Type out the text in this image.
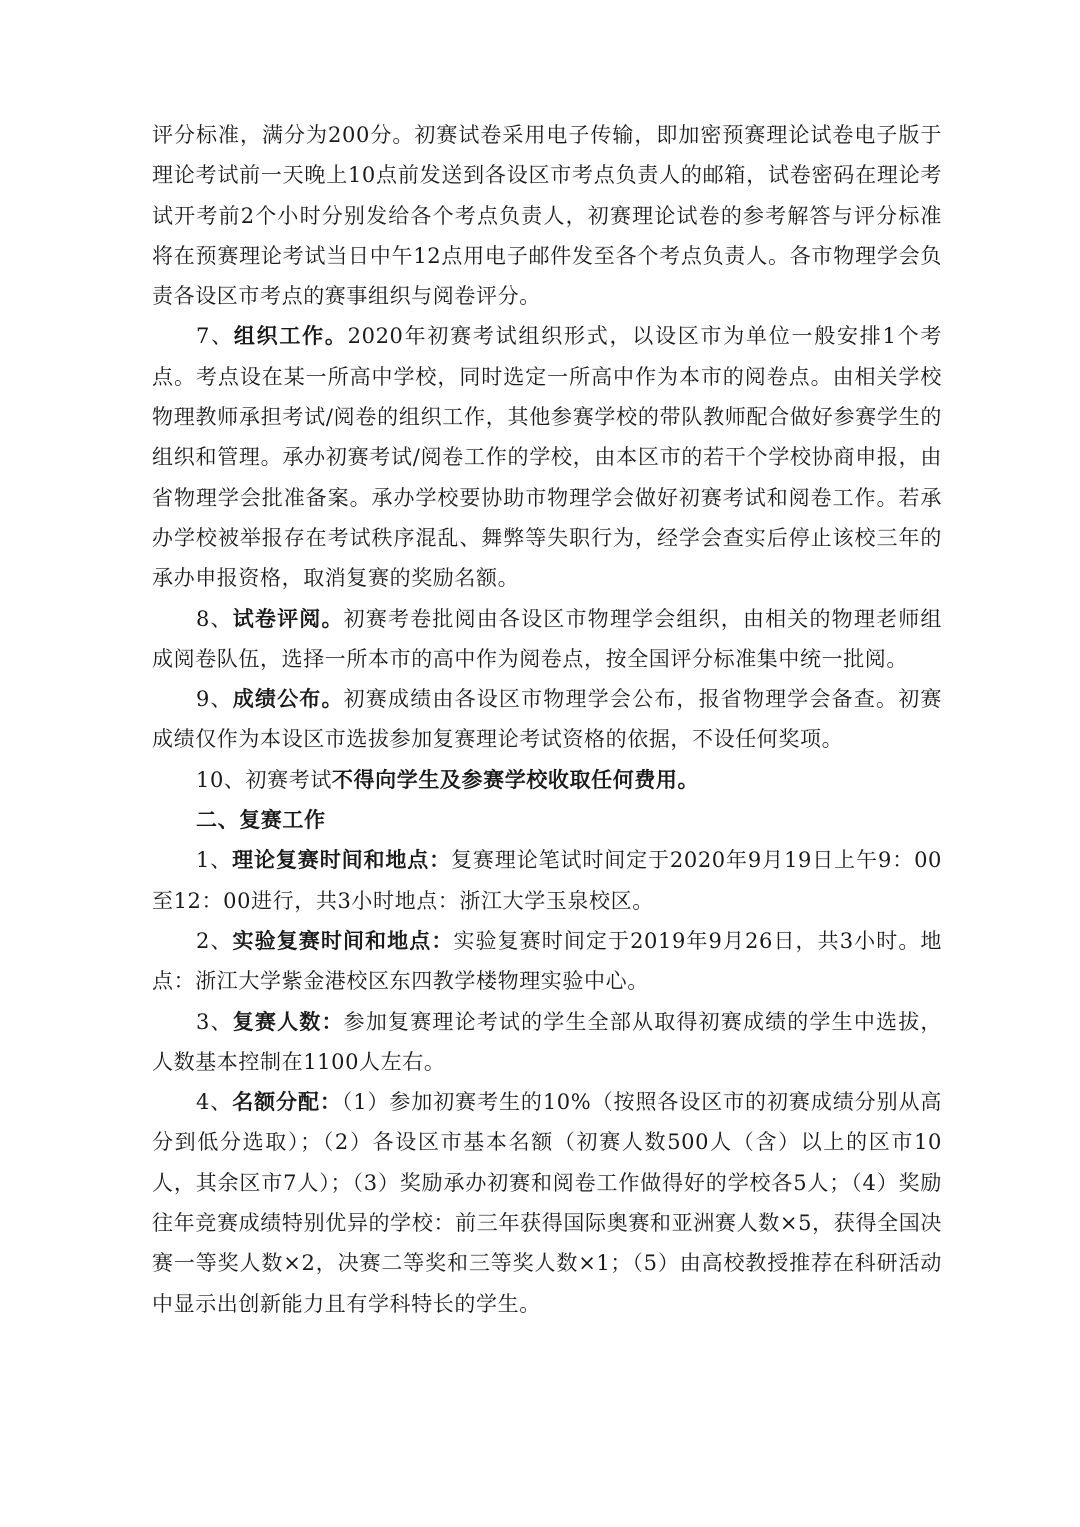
评分标准，满分为200分。初赛试卷采用电子传输，即加密预赛理论试卷电子版于理论考试前一天晚上10点前发送到各设区市考点负责人的邮箱，试卷密码在理论考试开考前2个小时分别发给各个考点负责人，初赛理论试卷的参考解答与评分标准将在预赛理论考试当日中午12点用电子邮件发至各个考点负责人。各市物理学会负责各设区市考点的赛事组织与阅卷评分。

7、组织工作。2020年初赛考试组织形式，以设区市为单位一般安排1个考点。考点设在某一所高中学校，同时选定一所高中作为本市的阅卷点。由相关学校物理教师承担考试/阅卷的组织工作，其他参赛学校的带队教师配合做好参赛学生的组织和管理。承办初赛考试/阅卷工作的学校，由本区市的若干个学校协商申报，由省物理学会批准备案。承办学校要协助市物理学会做好初赛考试和阅卷工作。若承办学校被举报存在考试秩序混乱、舞弊等失职行为，经学会查实后停止该校三年的承办申报资格，取消复赛的奖励名额。

8、试卷评阅。初赛考卷批阅由各设区市物理学会组织，由相关的物理老师组成阅卷队伍，选择一所本市的高中作为阅卷点，按全国评分标准集中统一批阅。

9、成绩公布。初赛成绩由各设区市物理学会公布，报省物理学会备查。初赛成绩仅作为本设区市选拔参加复赛理论考试资格的依据，不设任何奖项。

10、初赛考试不得向学生及参赛学校收取任何费用。

二、复赛工作

1、理论复赛时间和地点：复赛理论笔试时间定于2020年9月19日上午9：00至12：00进行，共3小时地点：浙江大学玉泉校区。

2、实验复赛时间和地点：实验复赛时间定于2019年9月26日，共3小时。地点：浙江大学紫金港校区东四教学楼物理实验中心。

3、复赛人数：参加复赛理论考试的学生全部从取得初赛成绩的学生中选拔，人数基本控制在1100人左右。

4、名额分配：（1）参加初赛考生的10%（按照各设区市的初赛成绩分别从高分到低分选取）；（2）各设区市基本名额（初赛人数500人（含）以上的区市10人，其余区市7人）；（3）奖励承办初赛和阅卷工作做得好的学校各5人；（4）奖励往年竞赛成绩特别优异的学校：前三年获得国际奥赛和亚洲赛人数×5，获得全国决赛一等奖人数×2，决赛二等奖和三等奖人数×1；（5）由高校教授推荐在科研活动中显示出创新能力且有学科特长的学生。
